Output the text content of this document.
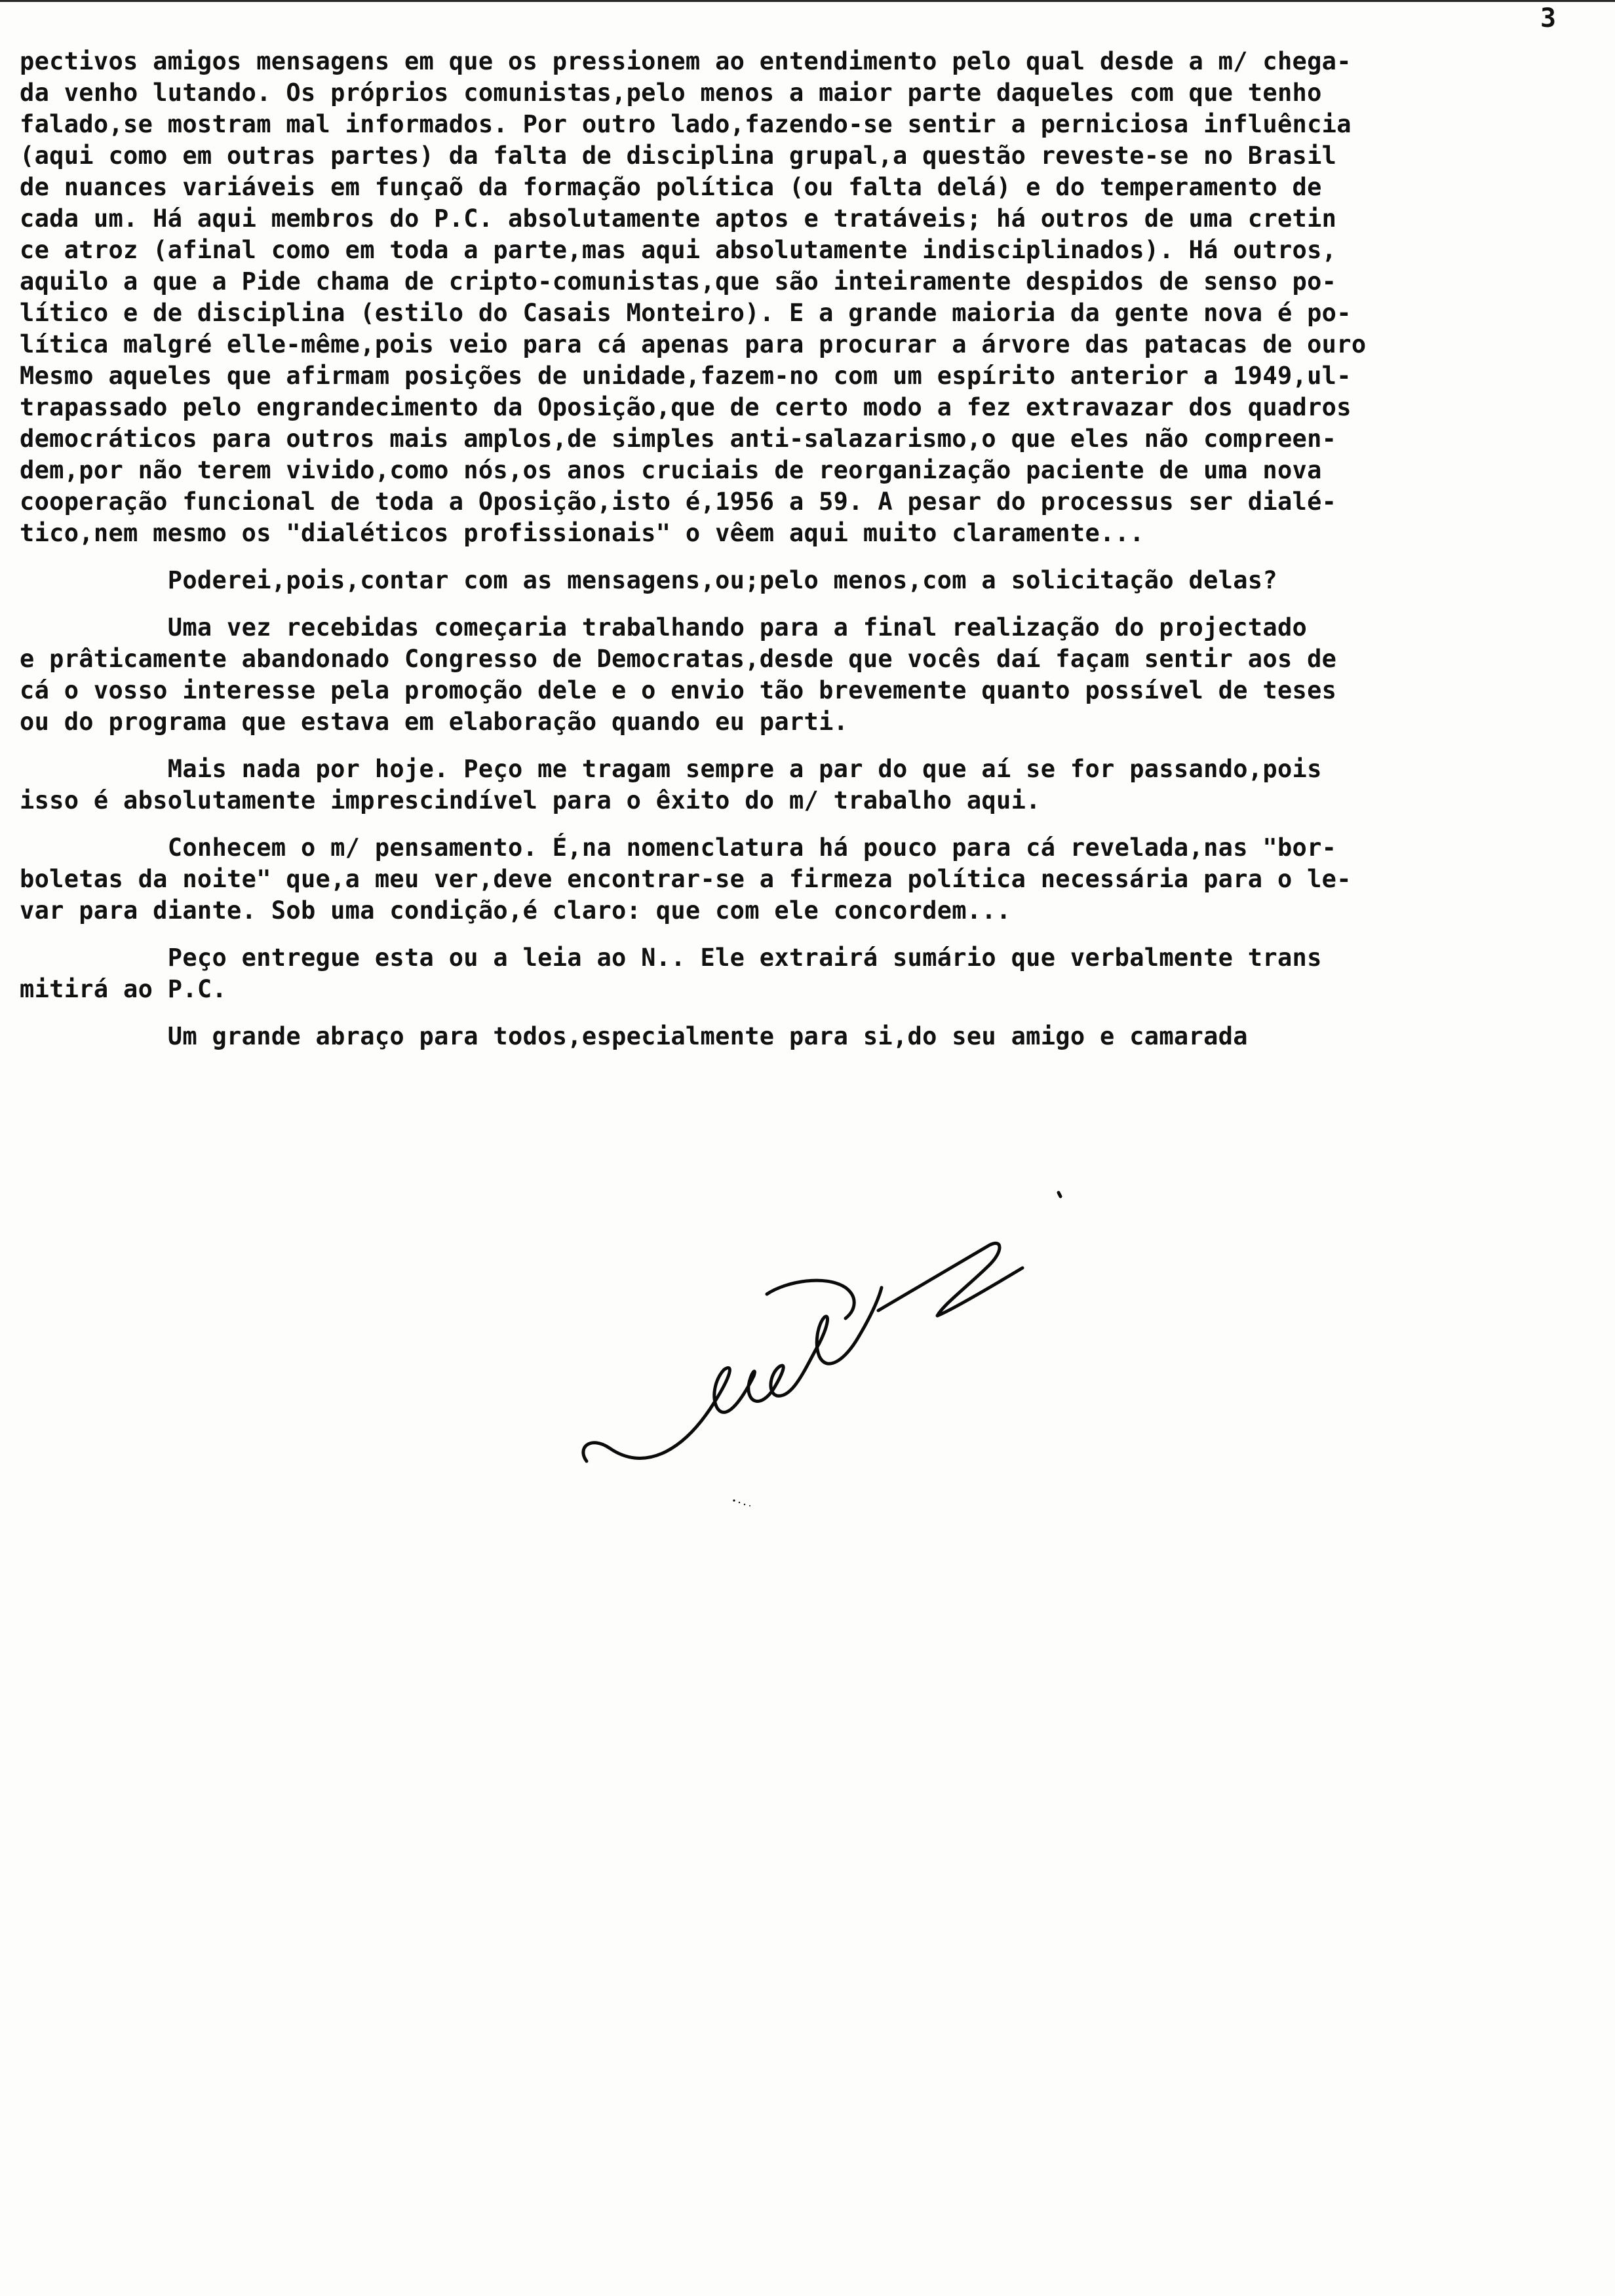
3
pectivos amigos mensagens em que os pressionem ao entendimento pelo qual desde a m/ chega-
da venho lutando. Os próprios comunistas,pelo menos a maior parte daqueles com que tenho
falado,se mostram mal informados. Por outro lado,fazendo-se sentir a perniciosa influência
(aqui como em outras partes) da falta de disciplina grupal,a questão reveste-se no Brasil
de nuances variáveis em funçaõ da formação política (ou falta delá) e do temperamento de
cada um. Há aqui membros do P.C. absolutamente aptos e tratáveis; há outros de uma cretin
ce atroz (afinal como em toda a parte,mas aqui absolutamente indisciplinados). Há outros,
aquilo a que a Pide chama de cripto-comunistas,que são inteiramente despidos de senso po-
lítico e de disciplina (estilo do Casais Monteiro). E a grande maioria da gente nova é po-
lítica malgré elle-même,pois veio para cá apenas para procurar a árvore das patacas de ouro
Mesmo aqueles que afirmam posições de unidade,fazem-no com um espírito anterior a 1949,ul-
trapassado pelo engrandecimento da Oposição,que de certo modo a fez extravazar dos quadros
democráticos para outros mais amplos,de simples anti-salazarismo,o que eles não compreen-
dem,por não terem vivido,como nós,os anos cruciais de reorganização paciente de uma nova
cooperação funcional de toda a Oposição,isto é,1956 a 59. A pesar do processus ser dialé-
tico,nem mesmo os "dialéticos profissionais" o vêem aqui muito claramente...
Poderei,pois,contar com as mensagens,ou;pelo menos,com a solicitação delas?
Uma vez recebidas começaria trabalhando para a final realização do projectado
e prâticamente abandonado Congresso de Democratas,desde que vocês daí façam sentir aos de
cá o vosso interesse pela promoção dele e o envio tão brevemente quanto possível de teses
ou do programa que estava em elaboração quando eu parti.
Mais nada por hoje. Peço me tragam sempre a par do que aí se for passando,pois
isso é absolutamente imprescindível para o êxito do m/ trabalho aqui.
Conhecem o m/ pensamento. É,na nomenclatura há pouco para cá revelada,nas "bor-
boletas da noite" que,a meu ver,deve encontrar-se a firmeza política necessária para o le-
var para diante. Sob uma condição,é claro: que com ele concordem...
Peço entregue esta ou a leia ao N.. Ele extrairá sumário que verbalmente trans
mitirá ao P.C.
Um grande abraço para todos,especialmente para si,do seu amigo e camarada
